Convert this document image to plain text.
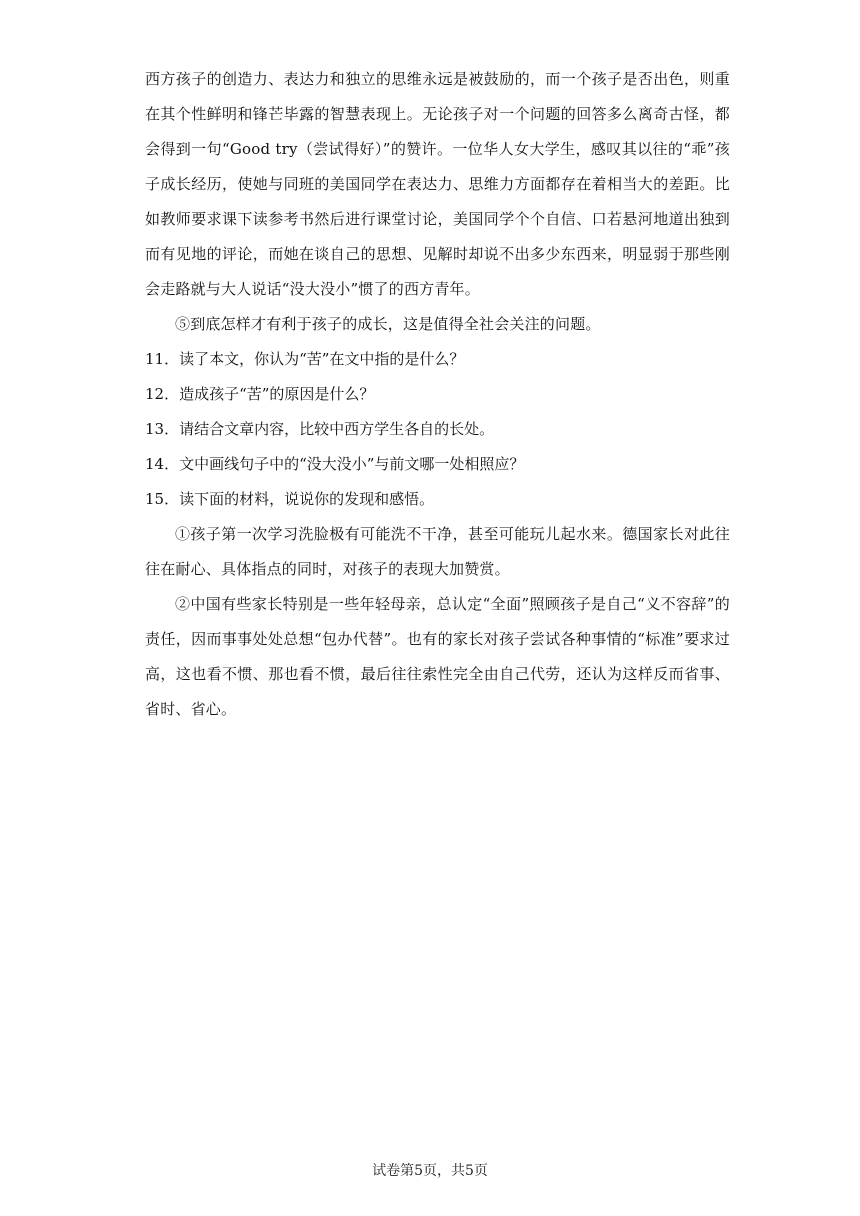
西方孩子的创造力、表达力和独立的思维永远是被鼓励的，而一个孩子是否出色，则重在其个性鲜明和锋芒毕露的智慧表现上。无论孩子对一个问题的回答多么离奇古怪，都会得到一句“Good try（尝试得好）”的赞许。一位华人女大学生，感叹其以往的“乖”孩子成长经历，使她与同班的美国同学在表达力、思维力方面都存在着相当大的差距。比如教师要求课下读参考书然后进行课堂讨论，美国同学个个自信、口若悬河地道出独到而有见地的评论，而她在谈自己的思想、见解时却说不出多少东西来，明显弱于那些刚会走路就与大人说话“没大没小”惯了的西方青年。

⑤到底怎样才有利于孩子的成长，这是值得全社会关注的问题。

11．读了本文，你认为“苦”在文中指的是什么？

12．造成孩子“苦”的原因是什么？

13．请结合文章内容，比较中西方学生各自的长处。

14．文中画线句子中的“没大没小”与前文哪一处相照应？

15．读下面的材料，说说你的发现和感悟。

①孩子第一次学习洗脸极有可能洗不干净，甚至可能玩儿起水来。德国家长对此往往在耐心、具体指点的同时，对孩子的表现大加赞赏。

②中国有些家长特别是一些年轻母亲，总认定“全面”照顾孩子是自己“义不容辞”的责任，因而事事处处总想“包办代替”。也有的家长对孩子尝试各种事情的“标准”要求过高，这也看不惯、那也看不惯，最后往往索性完全由自己代劳，还认为这样反而省事、省时、省心。

试卷第5页，共5页
